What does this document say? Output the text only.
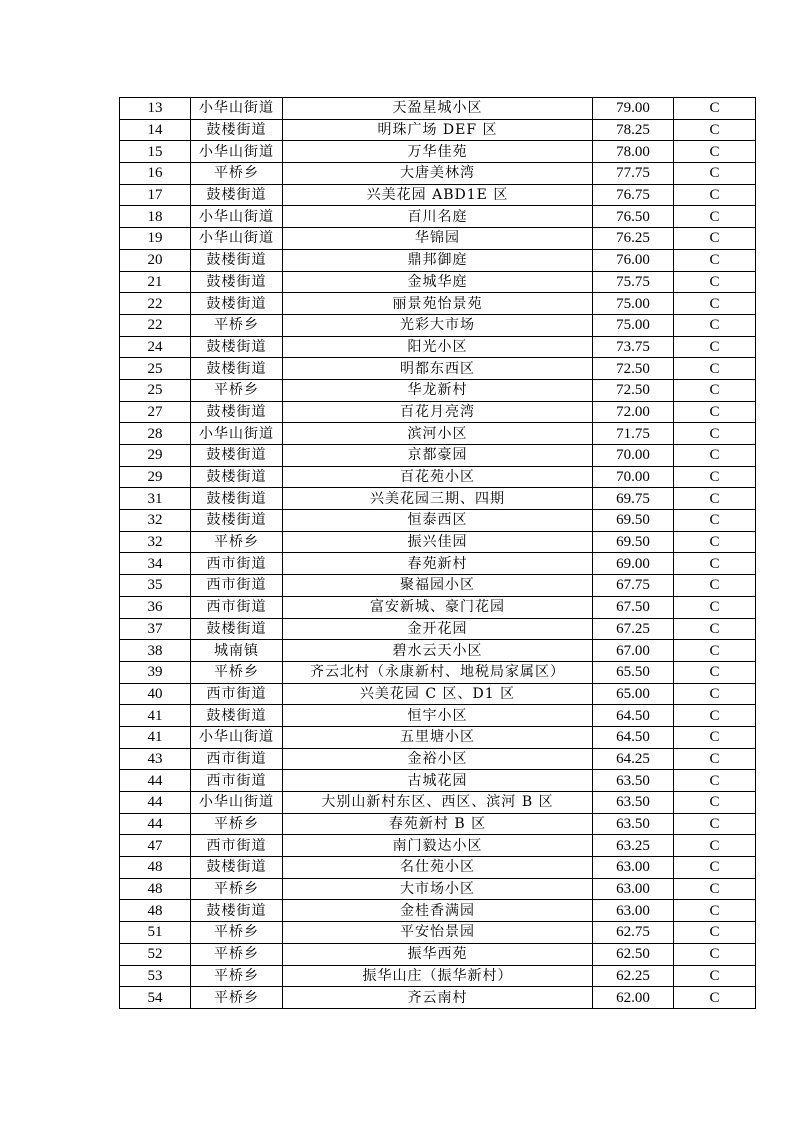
13	小华山街道	天盈星城小区	79.00	C
14	鼓楼街道	明珠广场 DEF 区	78.25	C
15	小华山街道	万华佳苑	78.00	C
16	平桥乡	大唐美林湾	77.75	C
17	鼓楼街道	兴美花园 ABD1E 区	76.75	C
18	小华山街道	百川名庭	76.50	C
19	小华山街道	华锦园	76.25	C
20	鼓楼街道	鼎邦御庭	76.00	C
21	鼓楼街道	金城华庭	75.75	C
22	鼓楼街道	丽景苑怡景苑	75.00	C
22	平桥乡	光彩大市场	75.00	C
24	鼓楼街道	阳光小区	73.75	C
25	鼓楼街道	明都东西区	72.50	C
25	平桥乡	华龙新村	72.50	C
27	鼓楼街道	百花月亮湾	72.00	C
28	小华山街道	滨河小区	71.75	C
29	鼓楼街道	京都豪园	70.00	C
29	鼓楼街道	百花苑小区	70.00	C
31	鼓楼街道	兴美花园三期、四期	69.75	C
32	鼓楼街道	恒泰西区	69.50	C
32	平桥乡	振兴佳园	69.50	C
34	西市街道	春苑新村	69.00	C
35	西市街道	聚福园小区	67.75	C
36	西市街道	富安新城、豪门花园	67.50	C
37	鼓楼街道	金开花园	67.25	C
38	城南镇	碧水云天小区	67.00	C
39	平桥乡	齐云北村（永康新村、地税局家属区）	65.50	C
40	西市街道	兴美花园 C 区、D1 区	65.00	C
41	鼓楼街道	恒宇小区	64.50	C
41	小华山街道	五里塘小区	64.50	C
43	西市街道	金裕小区	64.25	C
44	西市街道	古城花园	63.50	C
44	小华山街道	大别山新村东区、西区、滨河 B 区	63.50	C
44	平桥乡	春苑新村 B 区	63.50	C
47	西市街道	南门毅达小区	63.25	C
48	鼓楼街道	名仕苑小区	63.00	C
48	平桥乡	大市场小区	63.00	C
48	鼓楼街道	金桂香满园	63.00	C
51	平桥乡	平安怡景园	62.75	C
52	平桥乡	振华西苑	62.50	C
53	平桥乡	振华山庄（振华新村）	62.25	C
54	平桥乡	齐云南村	62.00	C
